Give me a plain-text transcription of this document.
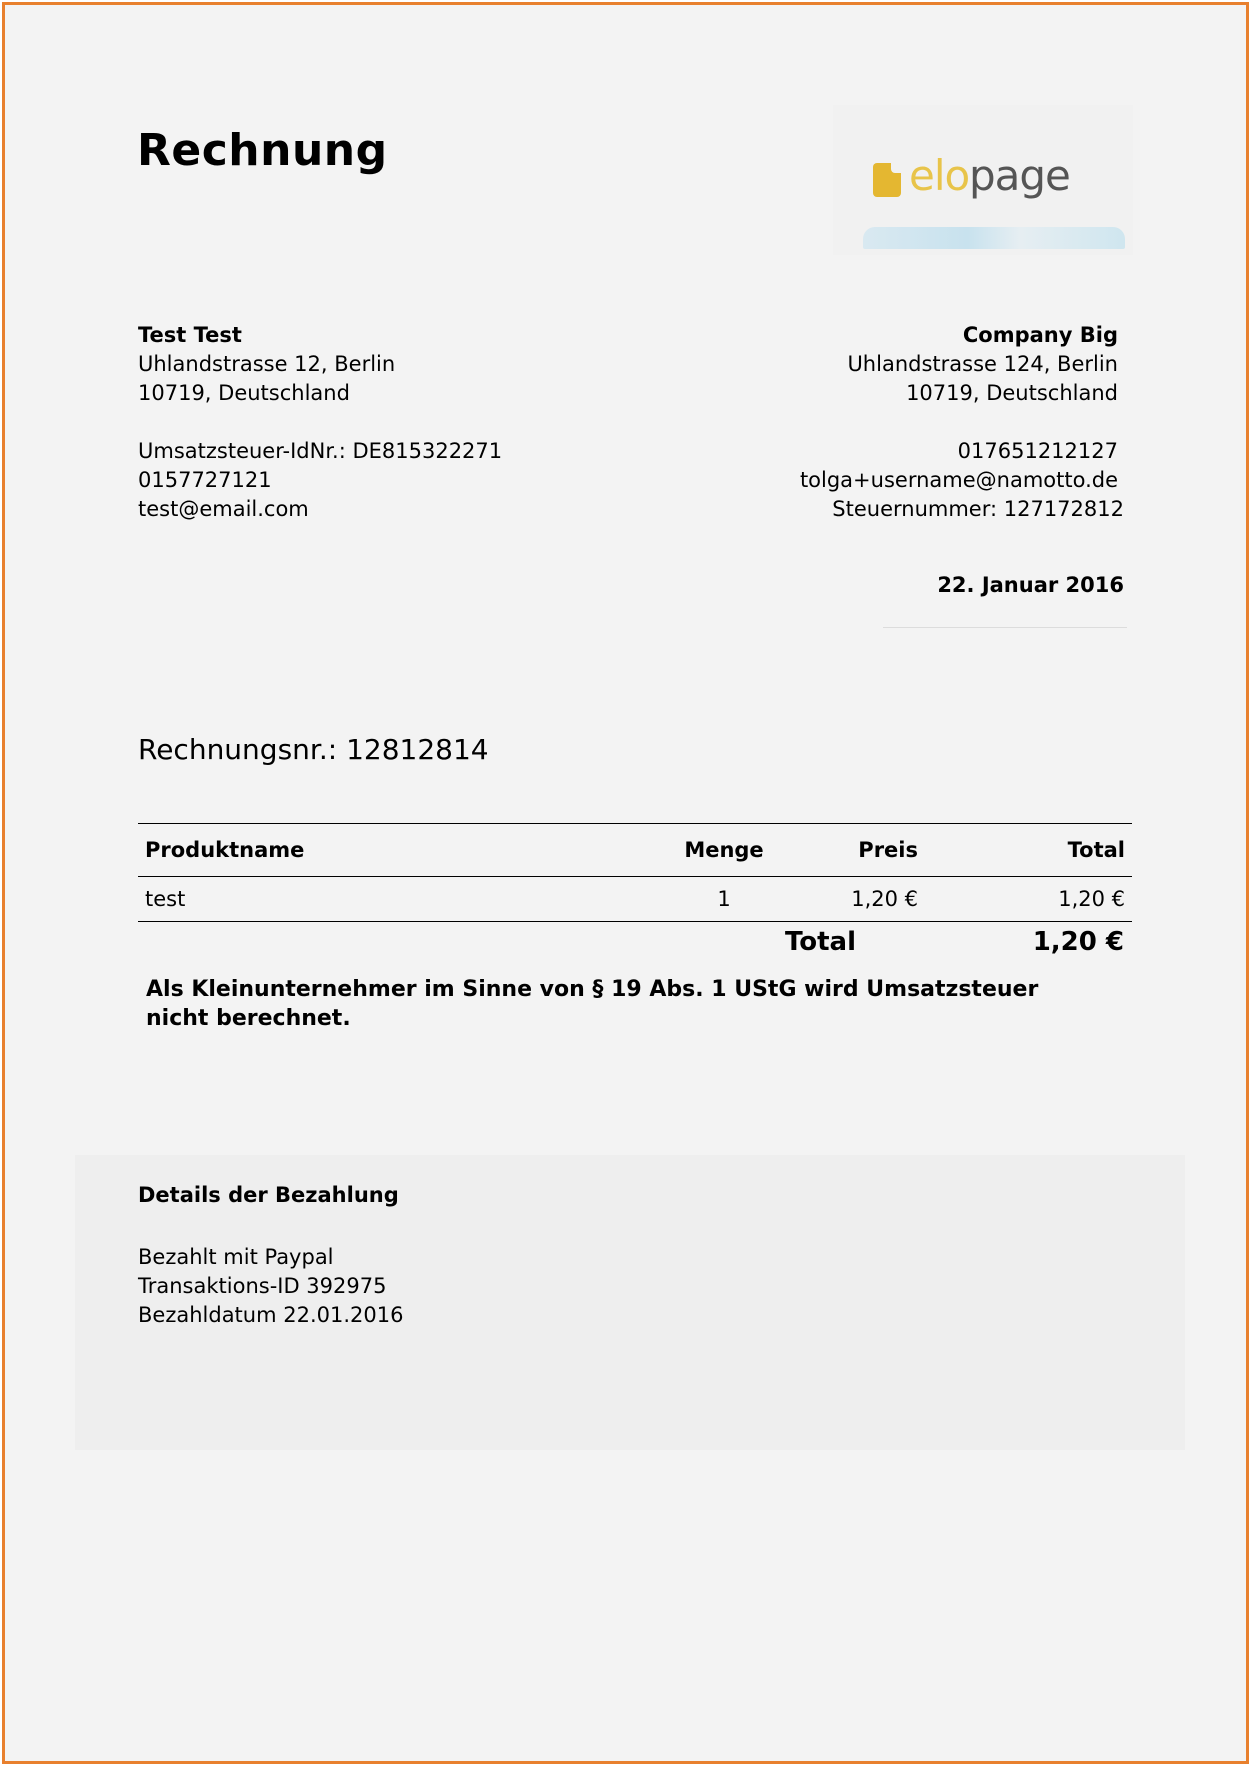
Rechnung	elo page
Test Test
Uhlandstrasse 12, Berlin
10719, Deutschland
Umsatzsteuer-IdNr.: DE815322271
0157727121
test@email.com
Company Big
Uhlandstrasse 124, Berlin
10719, Deutschland
017651212127
tolga+username@namotto.de
Steuernummer: 127172812
22. Januar 2016
Rechnungsnr.: 12812814
Produktname	Menge	Preis	Total
test	1	1,20 €	1,20 €
Total	1,20 €
Als Kleinunternehmer im Sinne von § 19 Abs. 1 UStG wird Umsatzsteuer nicht berechnet.
Details der Bezahlung
Bezahlt mit Paypal
Transaktions-ID 392975
Bezahldatum 22.01.2016
